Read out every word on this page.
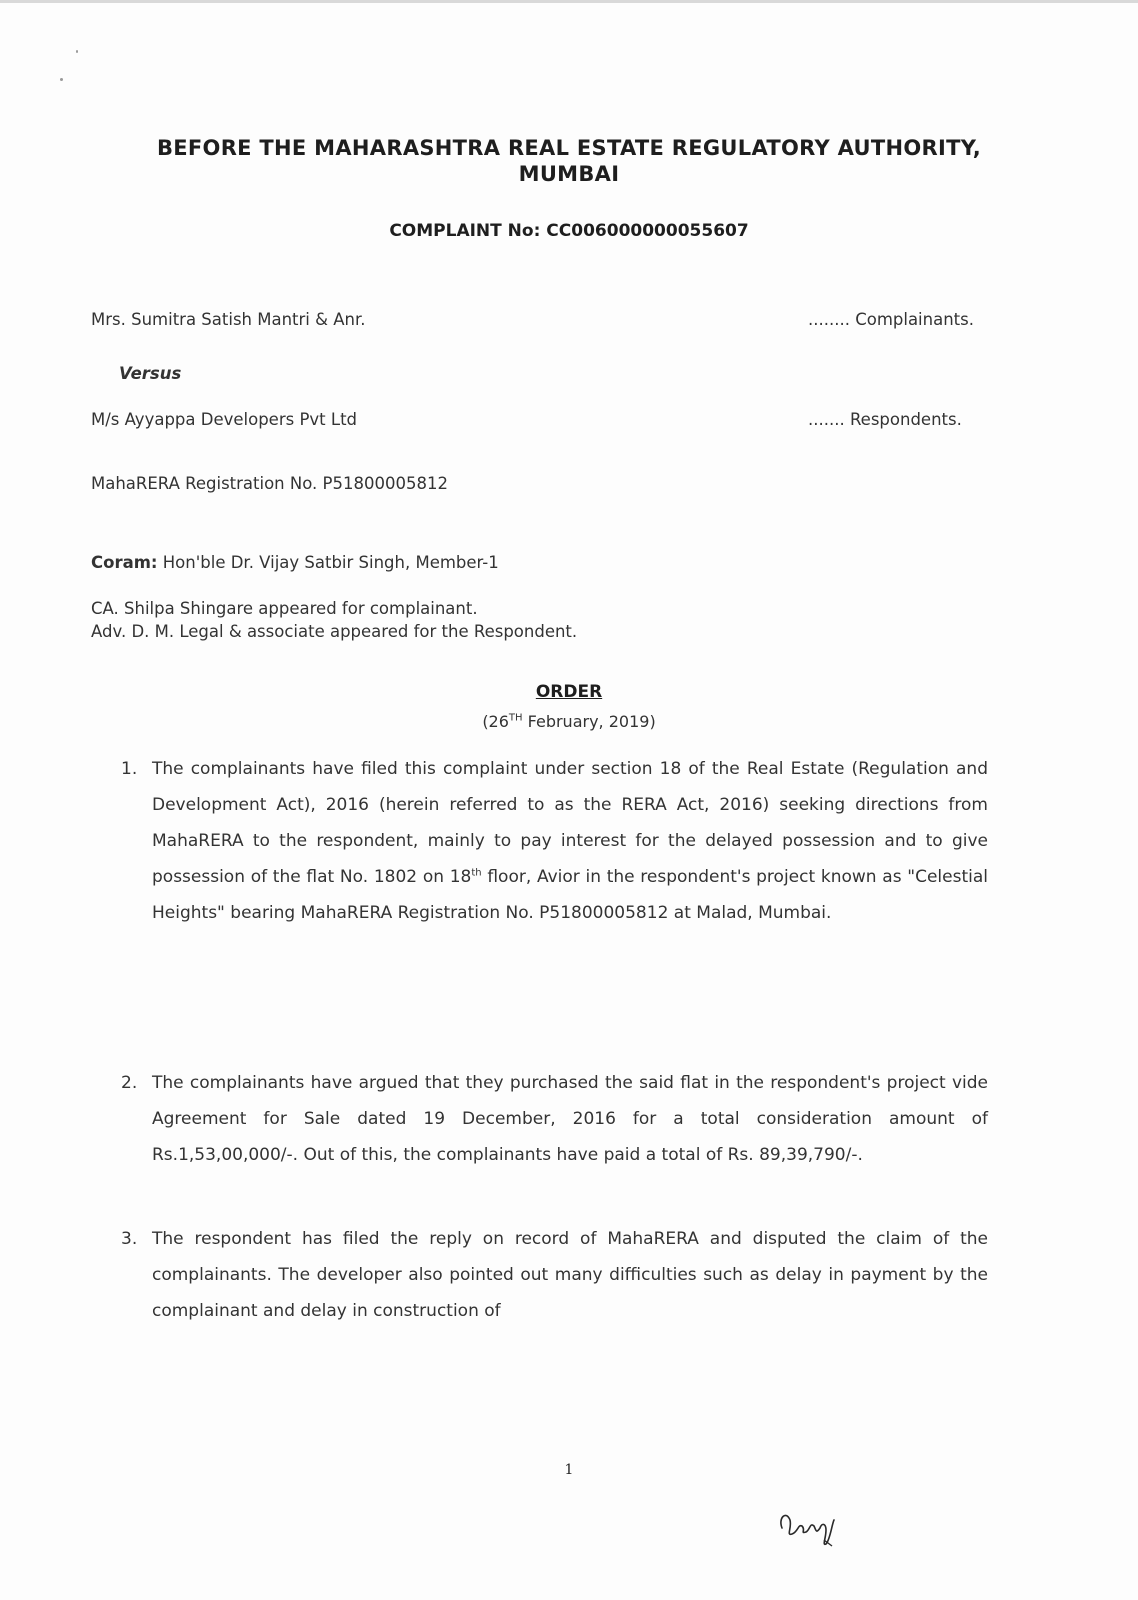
BEFORE THE MAHARASHTRA REAL ESTATE REGULATORY AUTHORITY,
MUMBAI
COMPLAINT No: CC006000000055607
Mrs. Sumitra Satish Mantri & Anr.	........ Complainants.
Versus
M/s Ayyappa Developers Pvt Ltd	....... Respondents.
MahaRERA Registration No. P51800005812
Coram: Hon'ble Dr. Vijay Satbir Singh, Member-1
CA. Shilpa Shingare appeared for complainant.
Adv. D. M. Legal & associate appeared for the Respondent.
ORDER
(26TH February, 2019)
1. The complainants have filed this complaint under section 18 of the Real Estate (Regulation and Development Act), 2016 (herein referred to as the RERA Act, 2016) seeking directions from MahaRERA to the respondent, mainly to pay interest for the delayed possession and to give possession of the flat No. 1802 on 18th floor, Avior in the respondent's project known as "Celestial Heights" bearing MahaRERA Registration No. P51800005812 at Malad, Mumbai.
2. The complainants have argued that they purchased the said flat in the respondent's project vide Agreement for Sale dated 19 December, 2016 for a total consideration amount of Rs.1,53,00,000/-. Out of this, the complainants have paid a total of Rs. 89,39,790/-.
3. The respondent has filed the reply on record of MahaRERA and disputed the claim of the complainants. The developer also pointed out many difficulties such as delay in payment by the complainant and delay in construction of
1
